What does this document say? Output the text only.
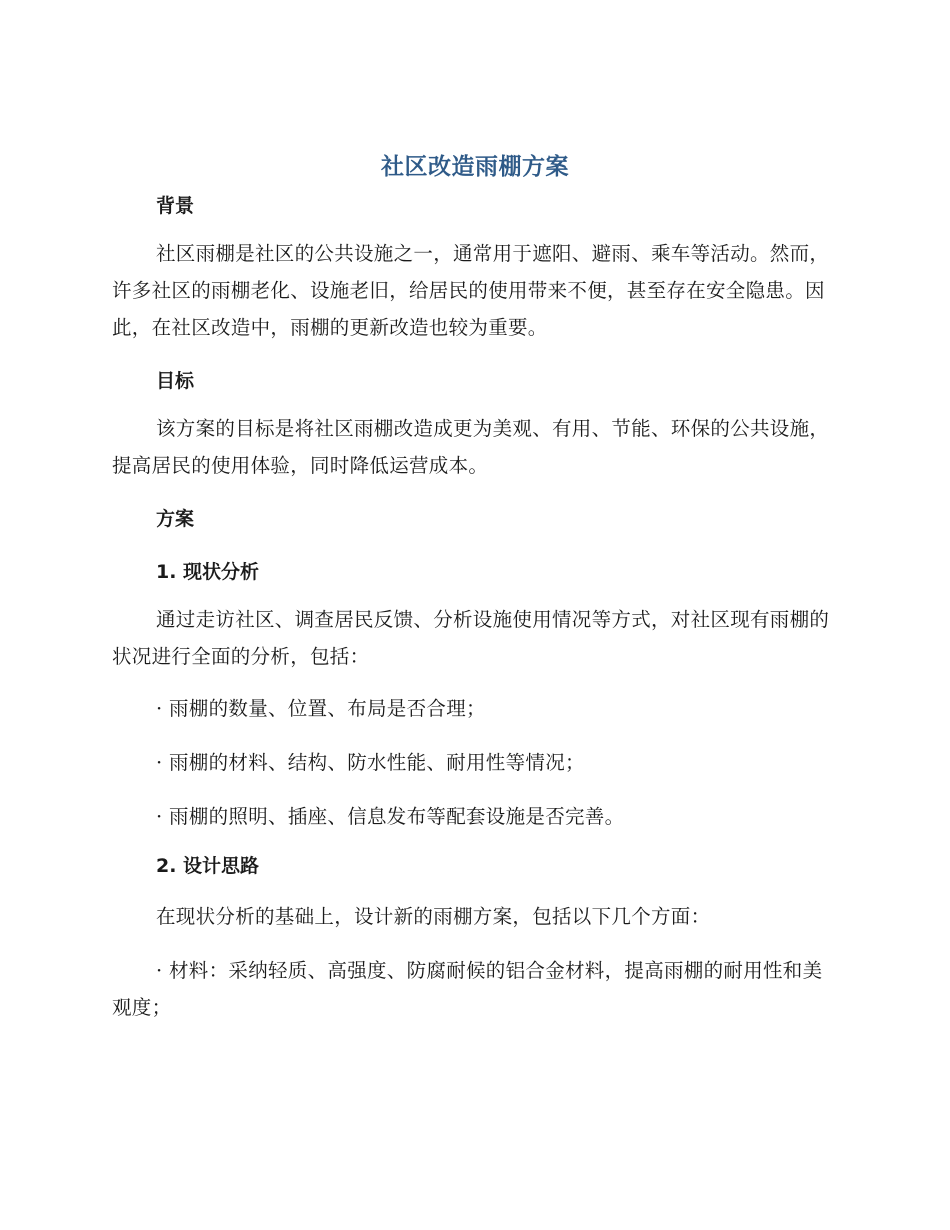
社区改造雨棚方案

背景

社区雨棚是社区的公共设施之一，通常用于遮阳、避雨、乘车等活动。然而，许多社区的雨棚老化、设施老旧，给居民的使用带来不便，甚至存在安全隐患。因此，在社区改造中，雨棚的更新改造也较为重要。

目标

该方案的目标是将社区雨棚改造成更为美观、有用、节能、环保的公共设施，提高居民的使用体验，同时降低运营成本。

方案

1. 现状分析

通过走访社区、调查居民反馈、分析设施使用情况等方式，对社区现有雨棚的状况进行全面的分析，包括：

· 雨棚的数量、位置、布局是否合理；

· 雨棚的材料、结构、防水性能、耐用性等情况；

· 雨棚的照明、插座、信息发布等配套设施是否完善。

2. 设计思路

在现状分析的基础上，设计新的雨棚方案，包括以下几个方面：

· 材料：采纳轻质、高强度、防腐耐候的铝合金材料，提高雨棚的耐用性和美观度；
